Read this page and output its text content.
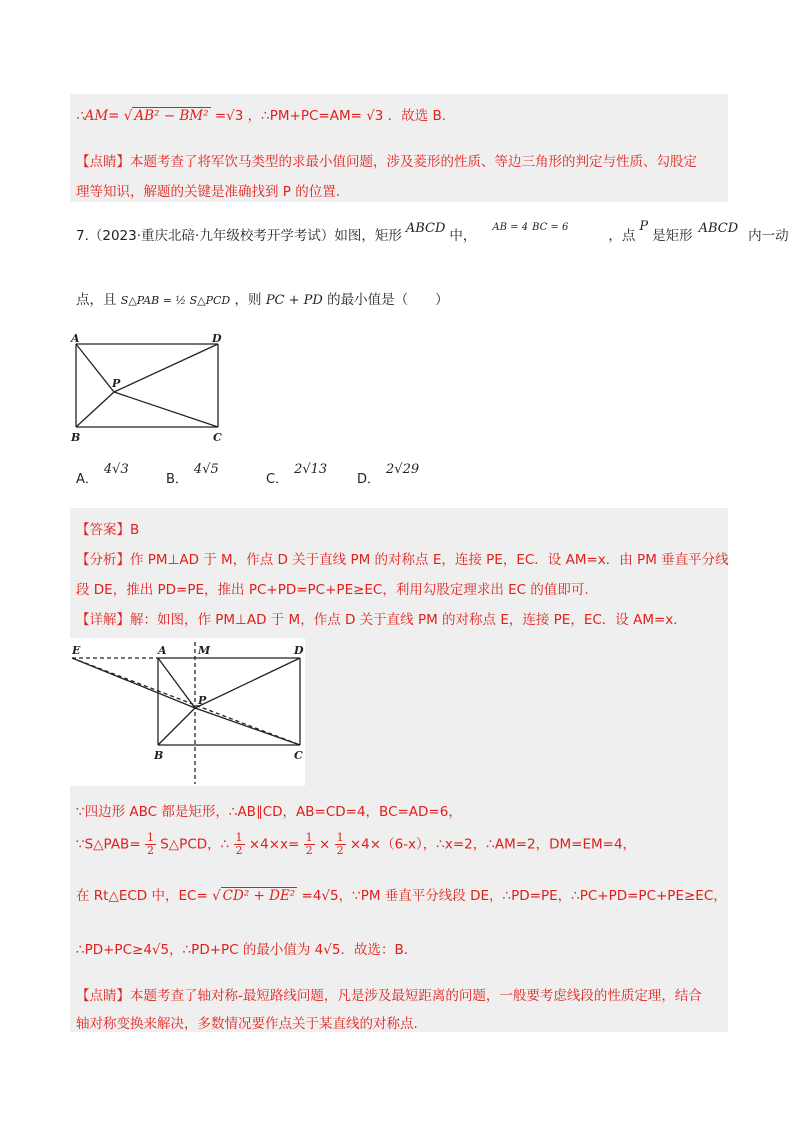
∴AM= √ AB² − BM² =√3 ，∴PM+PC=AM= √3 ．故选 B.
【点睛】本题考查了将军饮马类型的求最小值问题，涉及菱形的性质、等边三角形的判定与性质、勾股定
理等知识，解题的关键是准确找到 P 的位置.
7.（2023·重庆北碚·九年级校考开学考试）如图，矩形 ABCD 中，$^{AB = 4}$ $^{BC = 6}$，点P是矩形 ABCD 内一动
点，且 S△PAB = ½ S△PCD ，则 PC + PD 的最小值是（　　）
A	D
B	C
P
A．4√3
B．4√5
C．2√13
D．2√29
【答案】B
【分析】作 PM⊥AD 于 M，作点 D 关于直线 PM 的对称点 E，连接 PE，EC．设 AM=x．由 PM 垂直平分线
段 DE，推出 PD=PE，推出 PC+PD=PC+PE≥EC，利用勾股定理求出 EC 的值即可.
【详解】解：如图，作 PM⊥AD 于 M，作点 D 关于直线 PM 的对称点 E，连接 PE，EC．设 AM=x．
E	A	M	D
P
B	C
∵四边形 ABC 都是矩形，∴AB∥CD，AB=CD=4，BC=AD=6，
∵S△PAB= $\frac{1}{2}$ S△PCD，∴ $\frac{1}{2} \times 4\times x= \frac{1}{2} \times \frac{1}{2} \times 4\times(6-x)$，∴x=2，∴AM=2，DM=EM=4，
在 Rt△ECD 中，EC= √ CD² + DE² =4√5，∵PM 垂直平分线段 DE，∴PD=PE，∴PC+PD=PC+PE≥EC，
∴PD+PC≥4√5，∴PD+PC 的最小值为 4√5．故选：B．
【点睛】本题考查了轴对称-最短路线问题，凡是涉及最短距离的问题，一般要考虑线段的性质定理，结合
轴对称变换来解决，多数情况要作点关于某直线的对称点.
